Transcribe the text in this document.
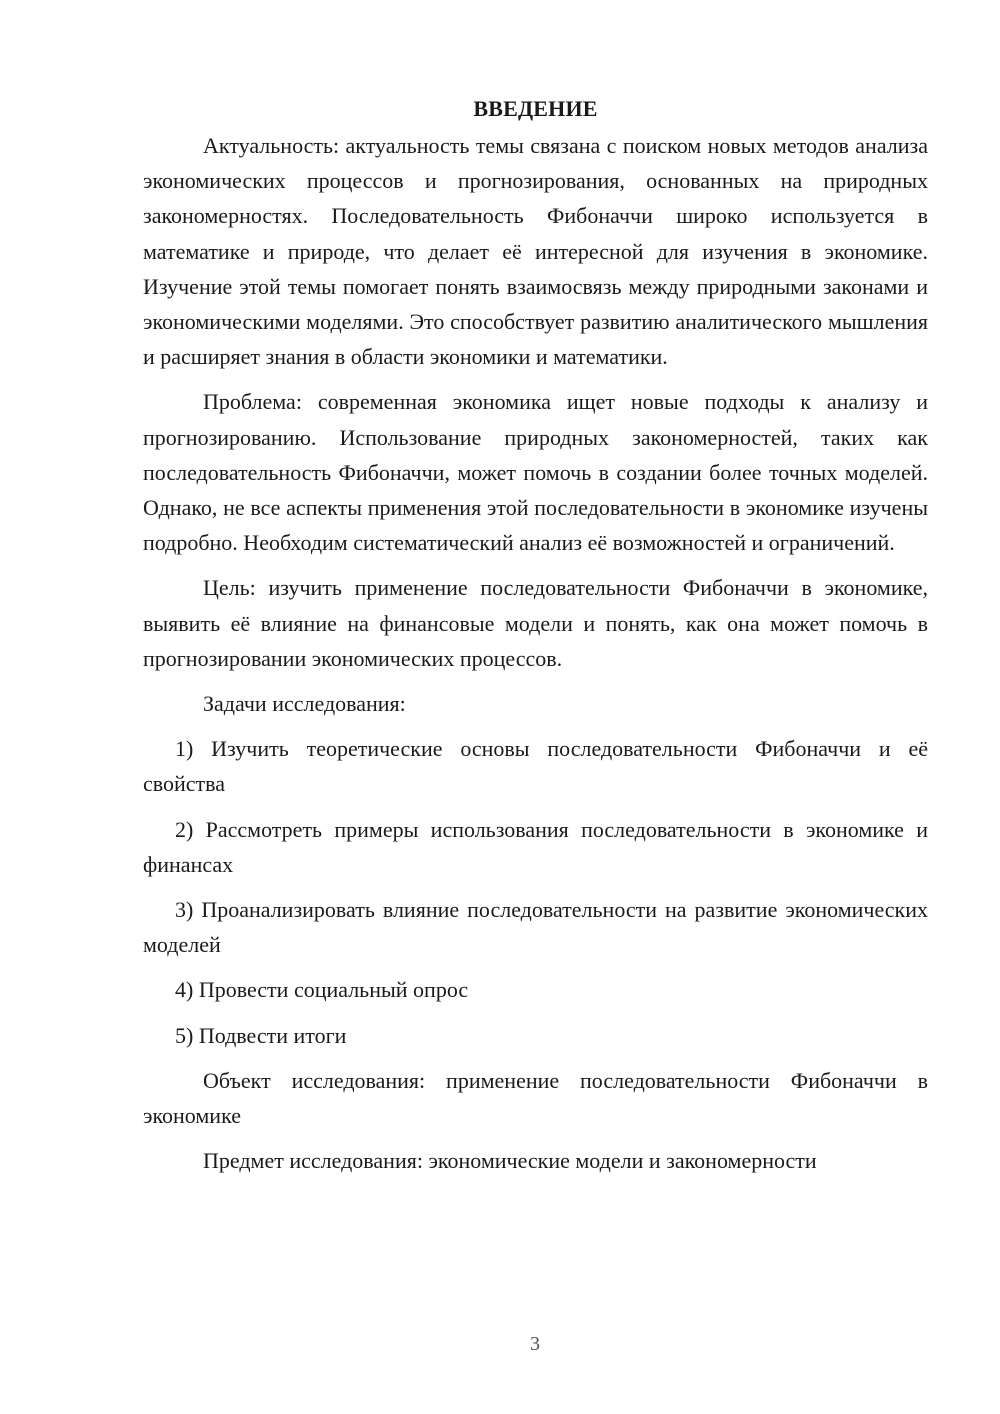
ВВЕДЕНИЕ

Актуальность: актуальность темы связана с поиском новых методов анализа экономических процессов и прогнозирования, основанных на природных закономерностях. Последовательность Фибоначчи широко используется в математике и природе, что делает её интересной для изучения в экономике. Изучение этой темы помогает понять взаимосвязь между природными законами и экономическими моделями. Это способствует развитию аналитического мышления и расширяет знания в области экономики и математики.

Проблема: современная экономика ищет новые подходы к анализу и прогнозированию. Использование природных закономерностей, таких как последовательность Фибоначчи, может помочь в создании более точных моделей. Однако, не все аспекты применения этой последовательности в экономике изучены подробно. Необходим систематический анализ её возможностей и ограничений.

Цель: изучить применение последовательности Фибоначчи в экономике, выявить её влияние на финансовые модели и понять, как она может помочь в прогнозировании экономических процессов.

Задачи исследования:

1) Изучить теоретические основы последовательности Фибоначчи и её свойства

2) Рассмотреть примеры использования последовательности в экономике и финансах

3) Проанализировать влияние последовательности на развитие экономических моделей

4) Провести социальный опрос

5) Подвести итоги

Объект исследования: применение последовательности Фибоначчи в экономике

Предмет исследования: экономические модели и закономерности

3
